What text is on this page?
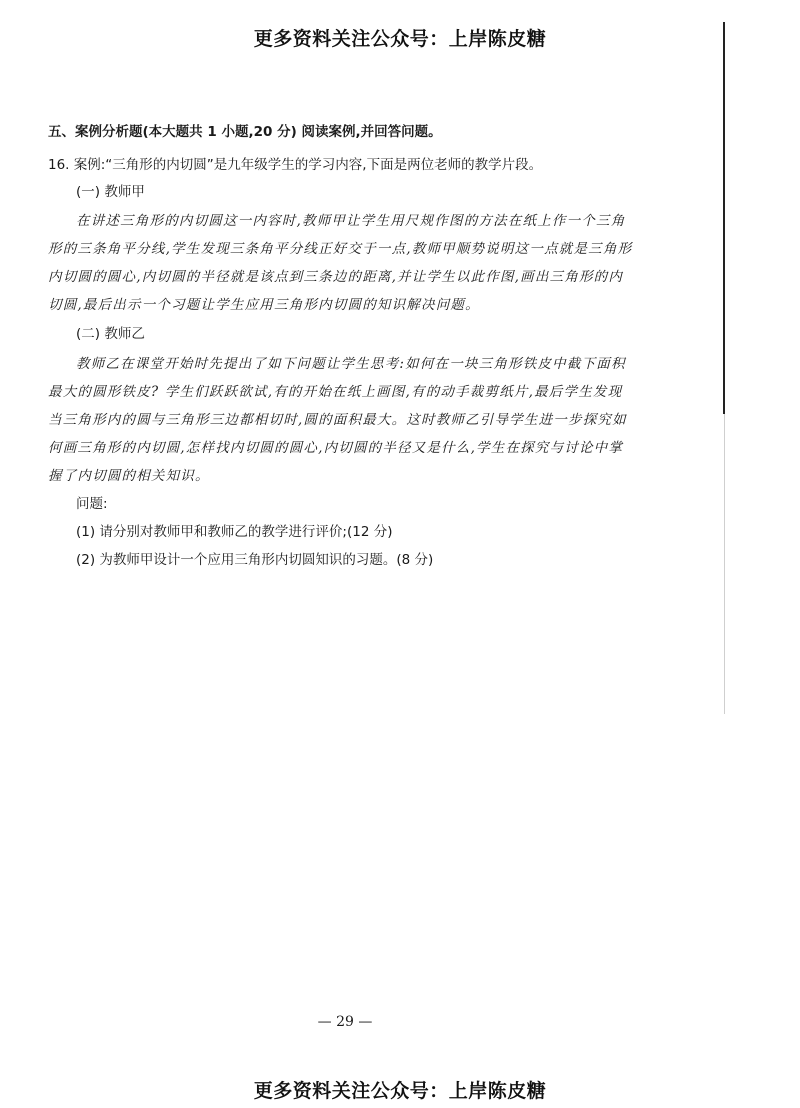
更多资料关注公众号：上岸陈皮糖
五、案例分析题(本大题共 1 小题,20 分) 阅读案例,并回答问题。
16. 案例:“三角形的内切圆”是九年级学生的学习内容,下面是两位老师的教学片段。
(一) 教师甲
在讲述三角形的内切圆这一内容时,教师甲让学生用尺规作图的方法在纸上作一个三角
形的三条角平分线,学生发现三条角平分线正好交于一点,教师甲顺势说明这一点就是三角形
内切圆的圆心,内切圆的半径就是该点到三条边的距离,并让学生以此作图,画出三角形的内
切圆,最后出示一个习题让学生应用三角形内切圆的知识解决问题。
(二) 教师乙
教师乙在课堂开始时先提出了如下问题让学生思考:如何在一块三角形铁皮中截下面积
最大的圆形铁皮? 学生们跃跃欲试,有的开始在纸上画图,有的动手裁剪纸片,最后学生发现
当三角形内的圆与三角形三边都相切时,圆的面积最大。这时教师乙引导学生进一步探究如
何画三角形的内切圆,怎样找内切圆的圆心,内切圆的半径又是什么,学生在探究与讨论中掌
握了内切圆的相关知识。
问题:
(1) 请分别对教师甲和教师乙的教学进行评价;(12 分)
(2) 为教师甲设计一个应用三角形内切圆知识的习题。(8 分)
— 29 —
更多资料关注公众号：上岸陈皮糖
